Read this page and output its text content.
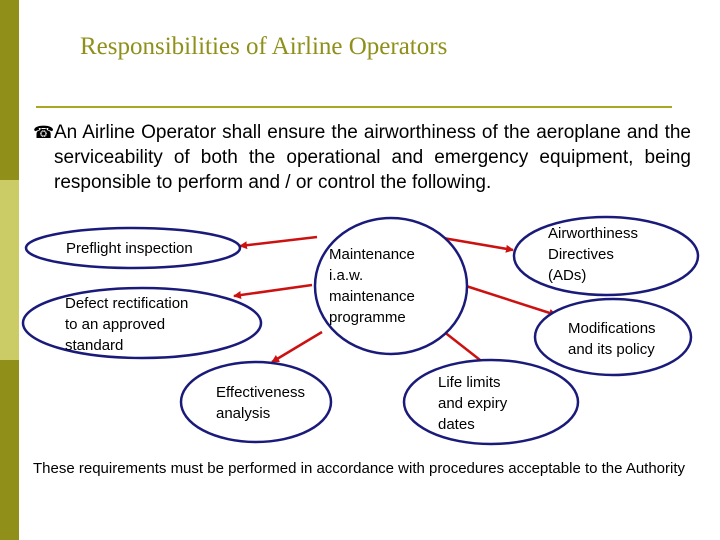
Responsibilities of Airline Operators
☎ An Airline Operator shall ensure the airworthiness of the aeroplane and the serviceability of both the operational and emergency equipment, being responsible to perform and / or control the following.
Maintenance
i.a.w.
maintenance
programme
Preflight inspection
Defect rectification
to an approved
standard
Effectiveness
analysis
Life limits
and expiry
dates
Modifications
and its policy
Airworthiness
Directives
(ADs)
These requirements must be performed in accordance with procedures acceptable to the Authority
